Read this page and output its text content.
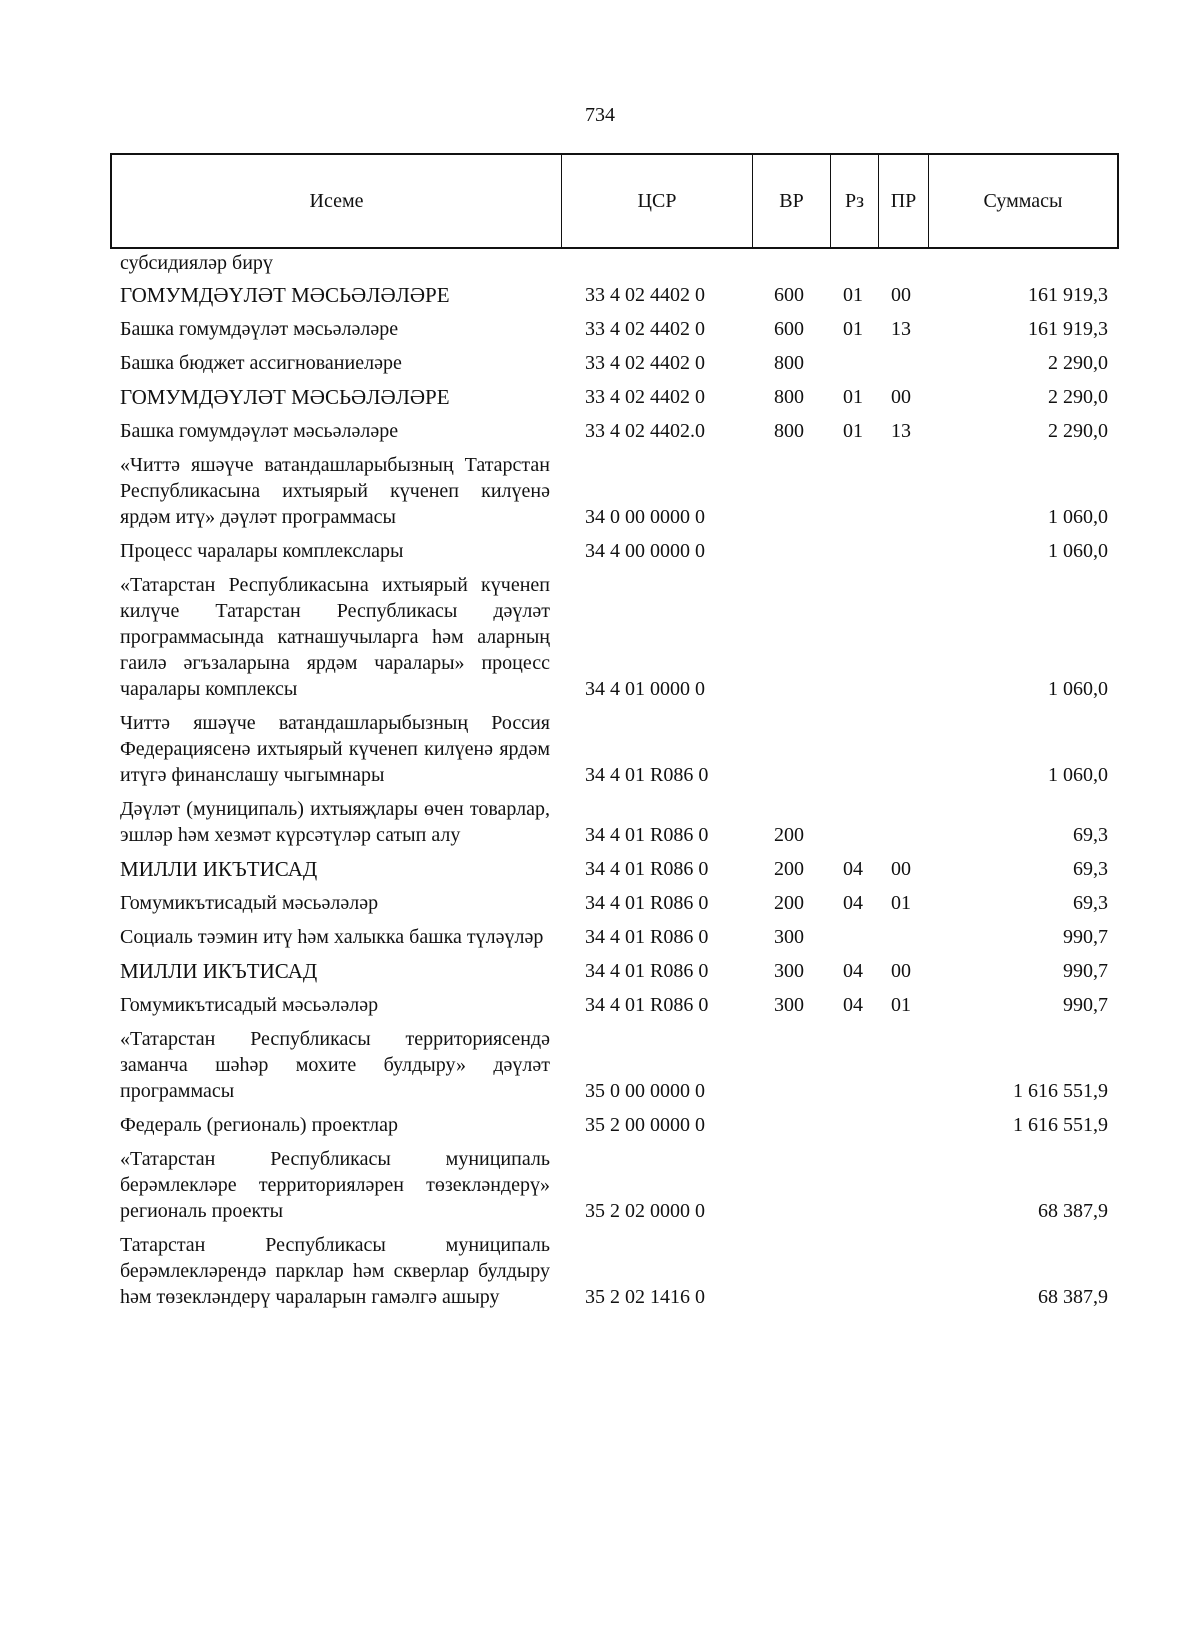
734
Исеме	ЦСР	ВР	Рз	ПР	Суммасы
субсидияләр бирү
ГОМУМДӘҮЛӘТ МӘСЬӘЛӘЛӘРЕ	33 4 02 4402 0	600 01 00	161 919,3
Башка гомумдәүләт мәсьәләләре	33 4 02 4402 0	600 01 13	161 919,3
Башка бюджет ассигнованиеләре	33 4 02 4402 0	800	2 290,0
ГОМУМДӘҮЛӘТ МӘСЬӘЛӘЛӘРЕ	33 4 02 4402 0	800 01 00	2 290,0
Башка гомумдәүләт мәсьәләләре	33 4 02 4402.0	800 01 13	2 290,0
«Читтә яшәүче ватандашларыбызның Татарстан Республикасына ихтыярый күченеп килүенә ярдәм итү» дәүләт программасы	34 0 00 0000 0	1 060,0
Процесс чаралары комплекслары	34 4 00 0000 0	1 060,0
«Татарстан Республикасына ихтыярый күченеп килүче Татарстан Республикасы дәүләт программасында катнашучыларга һәм аларның гаилә әгъзаларына ярдәм чаралары» процесс чаралары комплексы	34 4 01 0000 0	1 060,0
Читтә яшәүче ватандашларыбызның Россия Федерациясенә ихтыярый күченеп килүенә ярдәм итүгә финанслашу чыгымнары	34 4 01 R086 0	1 060,0
Дәүләт (муниципаль) ихтыяҗлары өчен товарлар, эшләр һәм хезмәт күрсәтүләр сатып алу	34 4 01 R086 0	200	69,3
МИЛЛИ ИКЪТИСАД	34 4 01 R086 0	200 04 00	69,3
Гомумикътисадый мәсьәләләр	34 4 01 R086 0	200 04 01	69,3
Социаль тәэмин итү һәм халыкка башка түләүләр	34 4 01 R086 0	300	990,7
МИЛЛИ ИКЪТИСАД	34 4 01 R086 0	300 04 00	990,7
Гомумикътисадый мәсьәләләр	34 4 01 R086 0	300 04 01	990,7
«Татарстан Республикасы территориясендә заманча шәһәр мохите булдыру» дәүләт программасы	35 0 00 0000 0	1 616 551,9
Федераль (региональ) проектлар	35 2 00 0000 0	1 616 551,9
«Татарстан Республикасы муниципаль берәмлекләре территорияләрен төзекләндерү» региональ проекты	35 2 02 0000 0	68 387,9
Татарстан Республикасы муниципаль берәмлекләрендә парклар һәм скверлар булдыру һәм төзекләндерү чараларын гамәлгә ашыру	35 2 02 1416 0	68 387,9
